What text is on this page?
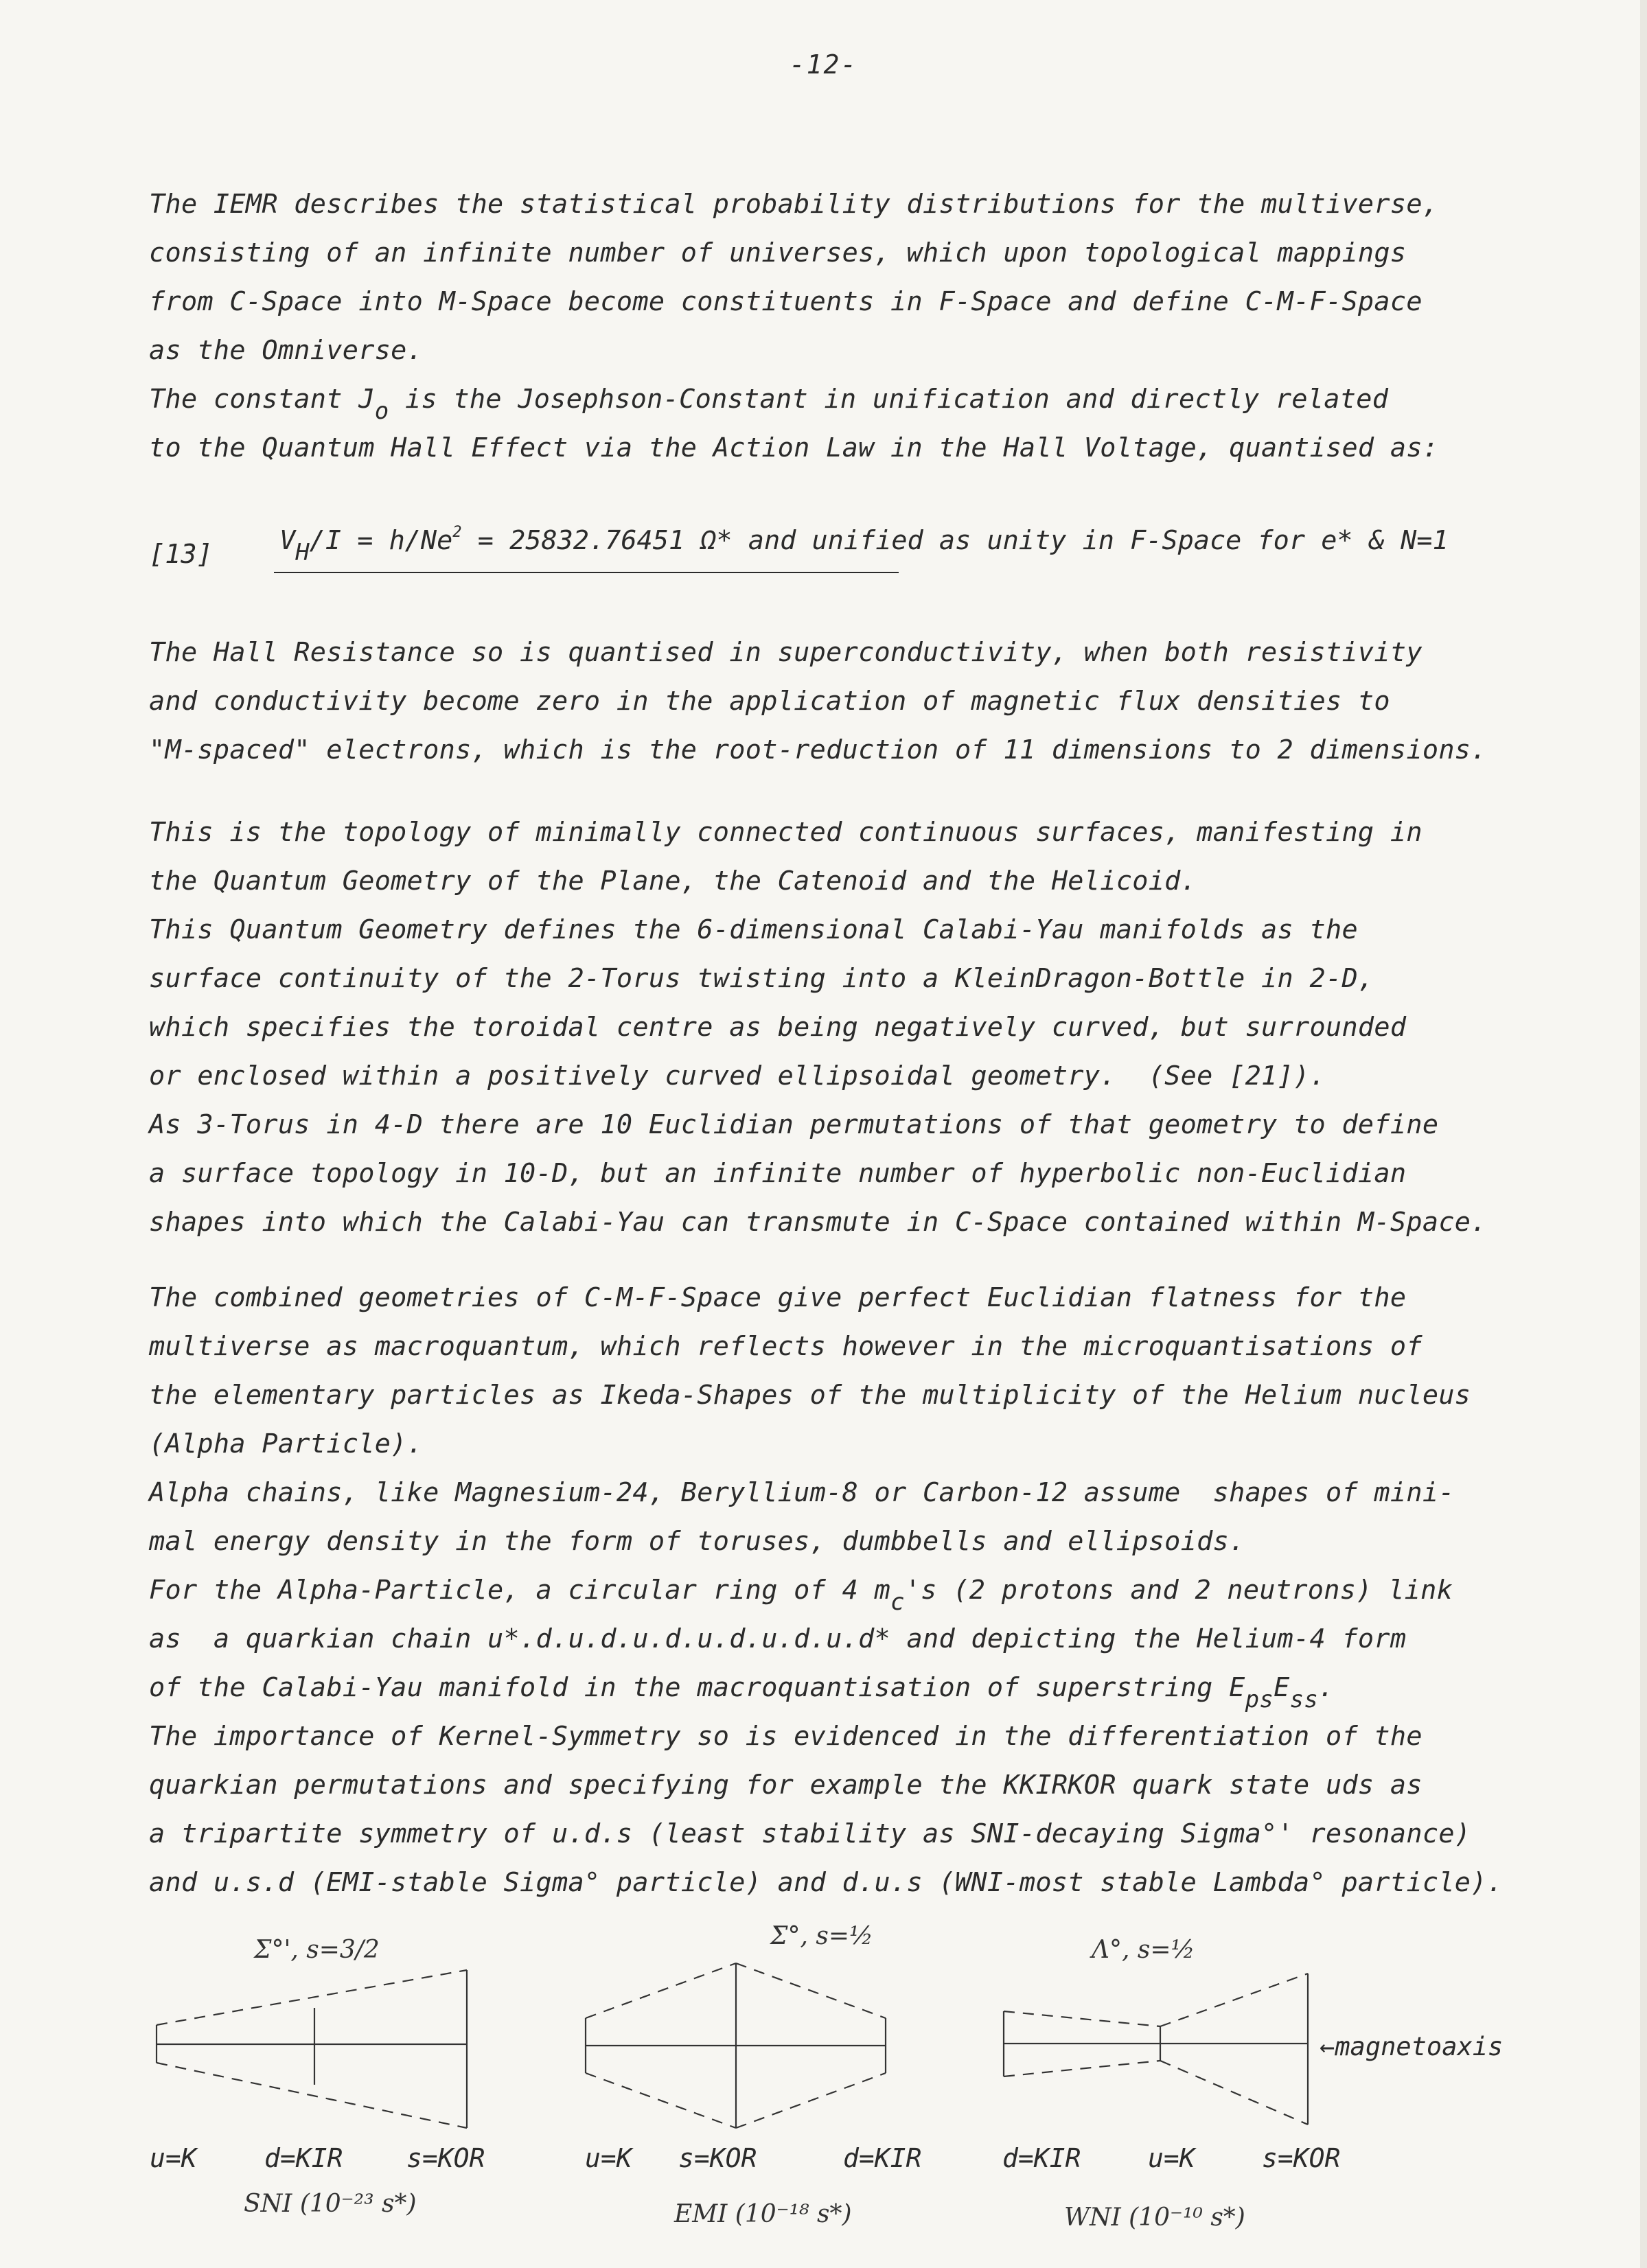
-12-
The IEMR describes the statistical probability distributions for the multiverse,
consisting of an infinite number of universes, which upon topological mappings
from C-Space into M-Space become constituents in F-Space and define C-M-F-Space
as the Omniverse.
The constant $J_o$ is the Josephson-Constant in unification and directly related
to the Quantum Hall Effect via the Action Law in the Hall Voltage, quantised as:
[13]	$V_H/I = h/Ne^2 = 25832.76451$ Ω* and unified as unity in F-Space for e* & N=1
The Hall Resistance so is quantised in superconductivity, when both resistivity
and conductivity become zero in the application of magnetic flux densities to
"M-spaced" electrons, which is the root-reduction of 11 dimensions to 2 dimensions.
This is the topology of minimally connected continuous surfaces, manifesting in
the Quantum Geometry of the Plane, the Catenoid and the Helicoid.
This Quantum Geometry defines the 6-dimensional Calabi-Yau manifolds as the
surface continuity of the 2-Torus twisting into a KleinDragon-Bottle in 2-D,
which specifies the toroidal centre as being negatively curved, but surrounded
or enclosed within a positively curved ellipsoidal geometry.  (See [21]).
As 3-Torus in 4-D there are 10 Euclidian permutations of that geometry to define
a surface topology in 10-D, but an infinite number of hyperbolic non-Euclidian
shapes into which the Calabi-Yau can transmute in C-Space contained within M-Space.
The combined geometries of C-M-F-Space give perfect Euclidian flatness for the
multiverse as macroquantum, which reflects however in the microquantisations of
the elementary particles as Ikeda-Shapes of the multiplicity of the Helium nucleus
(Alpha Particle).
Alpha chains, like Magnesium-24, Beryllium-8 or Carbon-12 assume  shapes of mini-
mal energy density in the form of toruses, dumbbells and ellipsoids.
For the Alpha-Particle, a circular ring of 4 $m_c's$ (2 protons and 2 neutrons) link
as  a quarkian chain u*.d.u.d.u.d.u.d.u.d.u.d* and depicting the Helium-4 form
of the Calabi-Yau manifold in the macroquantisation of superstring $E_{ps}E_{ss}$.
The importance of Kernel-Symmetry so is evidenced in the differentiation of the
quarkian permutations and specifying for example the KKIRKOR quark state uds as
a tripartite symmetry of u.d.s (least stability as SNI-decaying Sigma°' resonance)
and u.s.d (EMI-stable Sigma° particle) and d.u.s (WNI-most stable Lambda° particle).
Σ°', s=3/2
u=K	d=KIR s=KOR
SNI (10⁻²³ s*)
Σ°, s=½
u=K s=KOR	d=KIR
EMI (10⁻¹⁸ s*)
Λ°, s=½
d=KIR	u=K	s=KOR
←magnetoaxis
WNI (10⁻¹⁰ s*)
